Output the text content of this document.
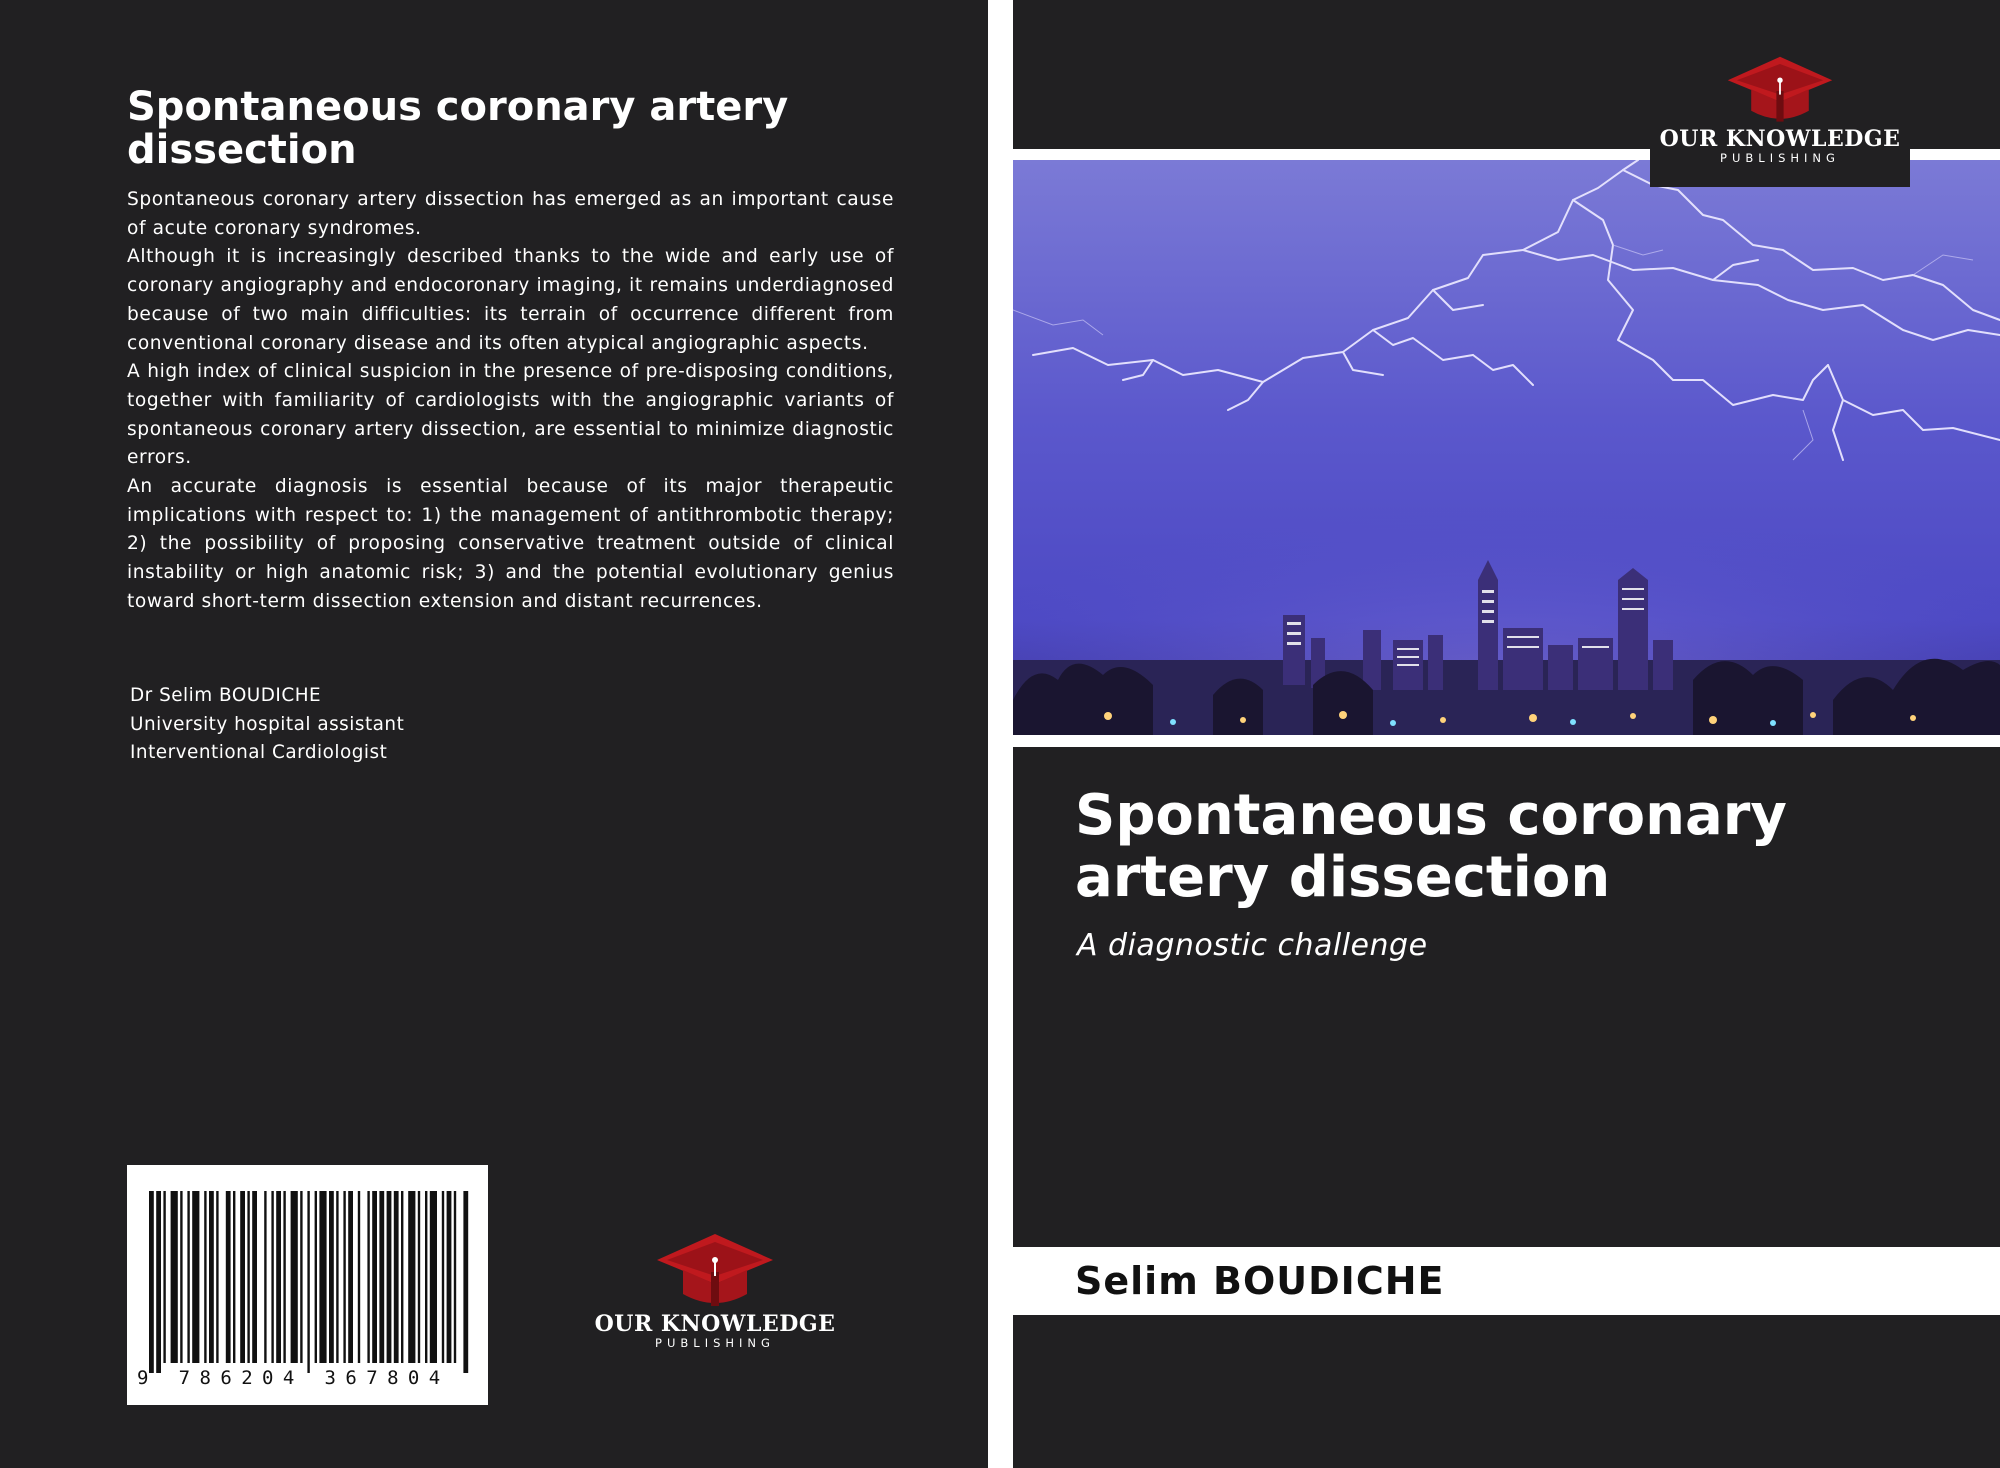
Spontaneous coronary artery dissection

Spontaneous coronary artery dissection has emerged as an important cause of acute coronary syndromes.

Although it is increasingly described thanks to the wide and early use of coronary angiography and endocoronary imaging, it remains underdiagnosed because of two main difficulties: its terrain of occurrence different from conventional coronary disease and its often atypical angiographic aspects.

A high index of clinical suspicion in the presence of pre-disposing conditions, together with familiarity of cardiologists with the angiographic variants of spontaneous coronary artery dissection, are essential to minimize diagnostic errors.

An accurate diagnosis is essential because of its major therapeutic implications with respect to: 1) the management of antithrombotic therapy; 2) the possibility of proposing conservative treatment outside of clinical instability or high anatomic risk; 3) and the potential evolutionary genius toward short-term dissection extension and distant recurrences.

Dr Selim BOUDICHE
University hospital assistant
Interventional Cardiologist
9 786204 367804
OUR KNOWLEDGE
PUBLISHING
OUR KNOWLEDGE
PUBLISHING
Spontaneous coronary
artery dissection
A diagnostic challenge
Selim BOUDICHE
